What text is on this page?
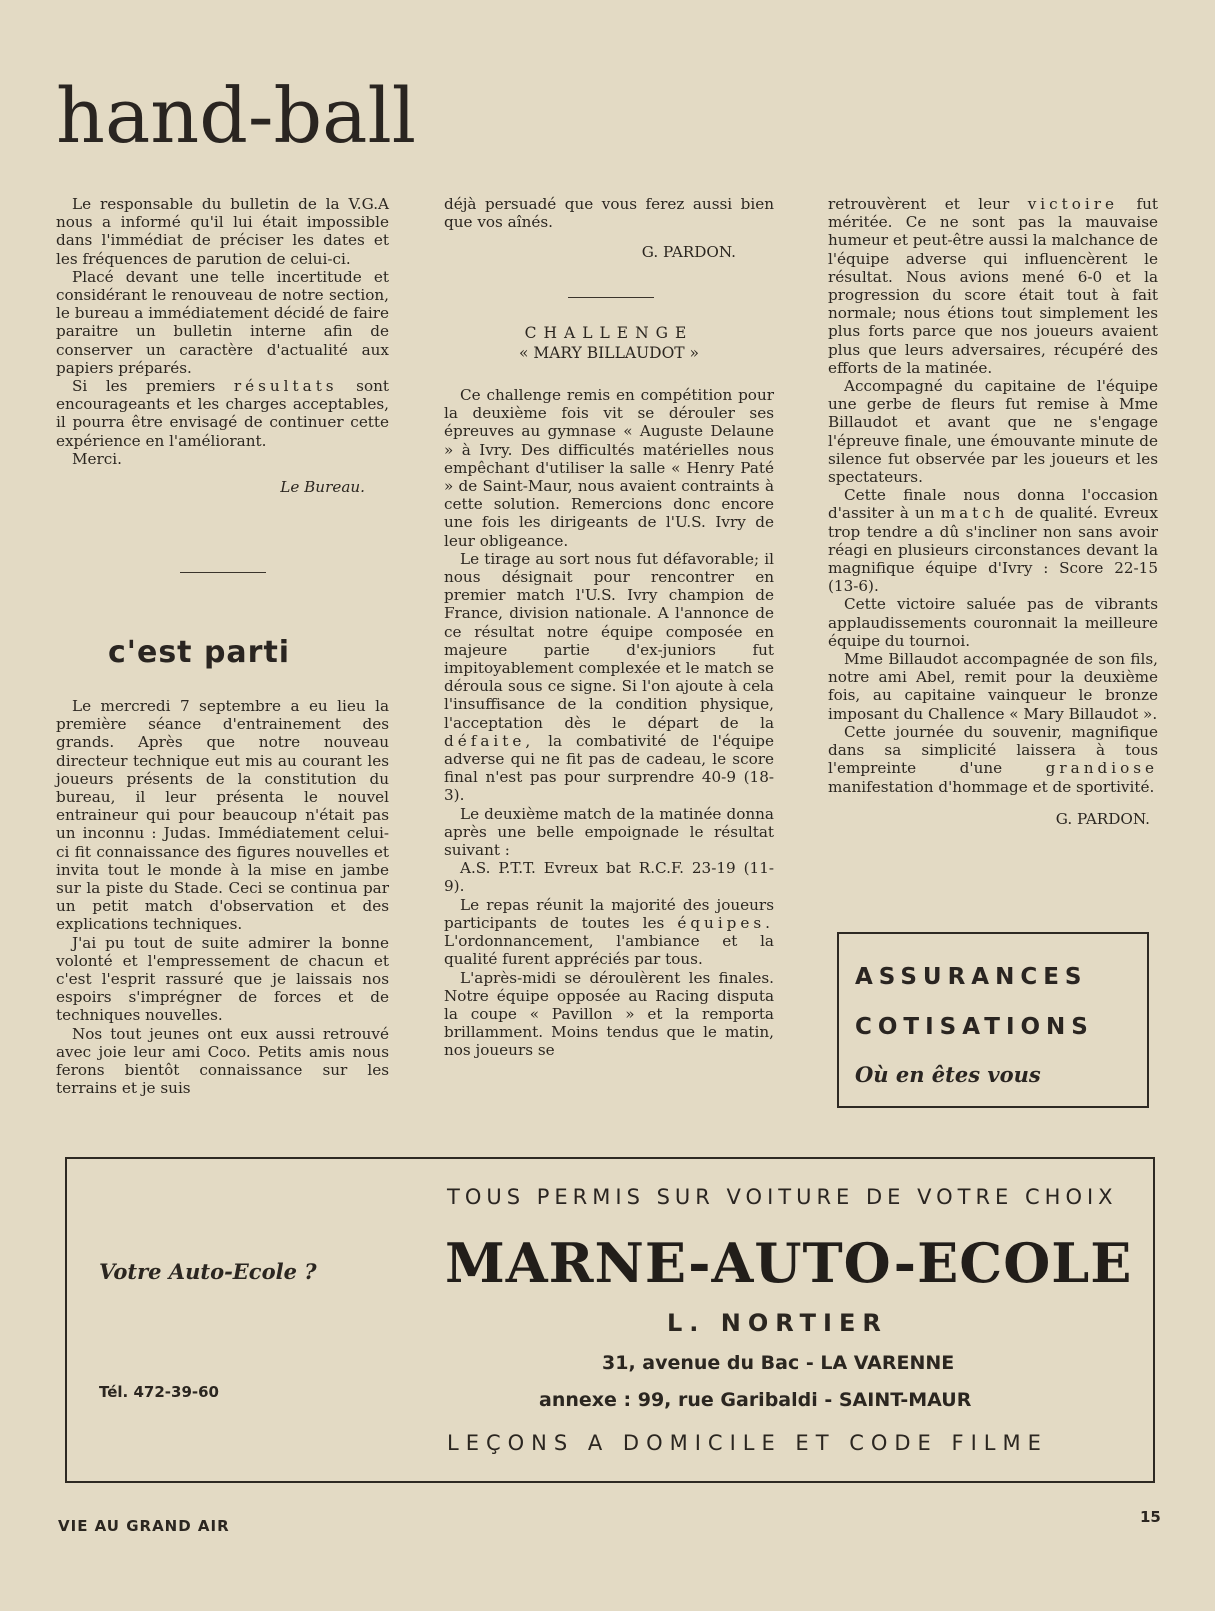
hand-ball

Le responsable du bulletin de la V.G.A nous a informé qu'il lui était impossible dans l'immédiat de préciser les dates et les fréquences de parution de celui-ci.

Placé devant une telle incertitude et considérant le renouveau de notre section, le bureau a immédiatement décidé de faire paraitre un bulletin interne afin de conserver un caractère d'actualité aux papiers préparés.

Si les premiers résultats sont encourageants et les charges acceptables, il pourra être envisagé de continuer cette expérience en l'améliorant.

Merci.

Le Bureau.

c'est parti

Le mercredi 7 septembre a eu lieu la première séance d'entrainement des grands. Après que notre nouveau directeur technique eut mis au courant les joueurs présents de la constitution du bureau, il leur présenta le nouvel entraineur qui pour beaucoup n'était pas un inconnu : Judas. Immédiatement celui-ci fit connaissance des figures nouvelles et invita tout le monde à la mise en jambe sur la piste du Stade. Ceci se continua par un petit match d'observation et des explications techniques.

J'ai pu tout de suite admirer la bonne volonté et l'empressement de chacun et c'est l'esprit rassuré que je laissais nos espoirs s'imprégner de forces et de techniques nouvelles.

Nos tout jeunes ont eux aussi retrouvé avec joie leur ami Coco. Petits amis nous ferons bientôt connaissance sur les terrains et je suis

déjà persuadé que vous ferez aussi bien que vos aînés.

G. PARDON.

CHALLENGE
« MARY BILLAUDOT »

Ce challenge remis en compétition pour la deuxième fois vit se dérouler ses épreuves au gymnase « Auguste Delaune » à Ivry. Des difficultés matérielles nous empêchant d'utiliser la salle « Henry Paté » de Saint-Maur, nous avaient contraints à cette solution. Remercions donc encore une fois les dirigeants de l'U.S. Ivry de leur obligeance.

Le tirage au sort nous fut défavorable; il nous désignait pour rencontrer en premier match l'U.S. Ivry champion de France, division nationale. A l'annonce de ce résultat notre équipe composée en majeure partie d'ex-juniors fut impitoyablement complexée et le match se déroula sous ce signe. Si l'on ajoute à cela l'insuffisance de la condition physique, l'acceptation dès le départ de la défaite, la combativité de l'équipe adverse qui ne fit pas de cadeau, le score final n'est pas pour surprendre 40-9 (18-3).

Le deuxième match de la matinée donna après une belle empoignade le résultat suivant :

A.S. P.T.T. Evreux bat R.C.F. 23-19 (11-9).

Le repas réunit la majorité des joueurs participants de toutes les équipes. L'ordonnancement, l'ambiance et la qualité furent appréciés par tous.

L'après-midi se déroulèrent les finales. Notre équipe opposée au Racing disputa la coupe « Pavillon » et la remporta brillamment. Moins tendus que le matin, nos joueurs se

retrouvèrent et leur victoire fut méritée. Ce ne sont pas la mauvaise humeur et peut-être aussi la malchance de l'équipe adverse qui influencèrent le résultat. Nous avions mené 6-0 et la progression du score était tout à fait normale; nous étions tout simplement les plus forts parce que nos joueurs avaient plus que leurs adversaires, récupéré des efforts de la matinée.

Accompagné du capitaine de l'équipe une gerbe de fleurs fut remise à Mme Billaudot et avant que ne s'engage l'épreuve finale, une émouvante minute de silence fut observée par les joueurs et les spectateurs.

Cette finale nous donna l'occasion d'assiter à un match de qualité. Evreux trop tendre a dû s'incliner non sans avoir réagi en plusieurs circonstances devant la magnifique équipe d'Ivry : Score 22-15 (13-6).

Cette victoire saluée pas de vibrants applaudissements couronnait la meilleure équipe du tournoi.

Mme Billaudot accompagnée de son fils, notre ami Abel, remit pour la deuxième fois, au capitaine vainqueur le bronze imposant du Challence « Mary Billaudot ».

Cette journée du souvenir, magnifique dans sa simplicité laissera à tous l'empreinte d'une	grandiose manifestation d'hommage et de sportivité.

G. PARDON.

ASSURANCES
COTISATIONS
Où en êtes vous
TOUS PERMIS SUR VOITURE DE VOTRE CHOIX
Votre Auto-Ecole ? MARNE-AUTO-ECOLE
L. NORTIER
31, avenue du Bac - LA VARENNE
annexe : 99, rue Garibaldi - SAINT-MAUR
Tél. 472-39-60
LEÇONS A DOMICILE ET CODE FILME
VIE AU GRAND AIR	15
